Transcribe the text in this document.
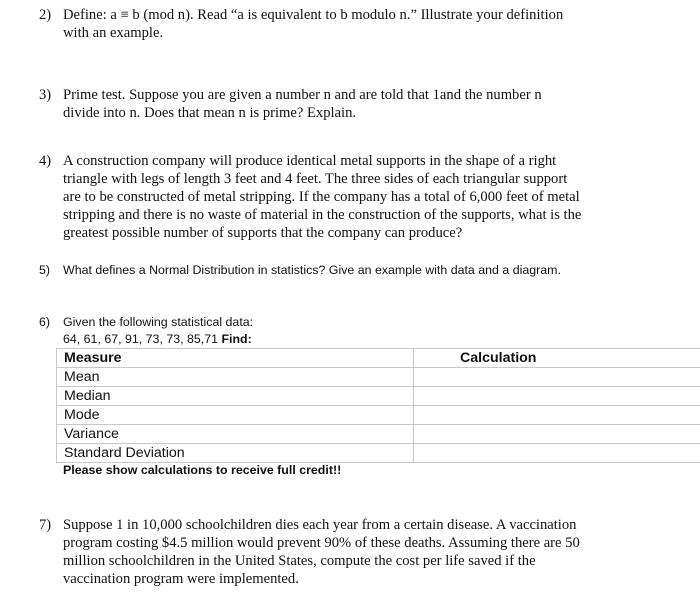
2) Define: a ≡ b (mod n). Read “a is equivalent to b modulo n.” Illustrate your definition
with an example.
3) Prime test. Suppose you are given a number n and are told that 1and the number n
divide into n. Does that mean n is prime? Explain.
4) A construction company will produce identical metal supports in the shape of a right
triangle with legs of length 3 feet and 4 feet. The three sides of each triangular support
are to be constructed of metal stripping. If the company has a total of 6,000 feet of metal
stripping and there is no waste of material in the construction of the supports, what is the
greatest possible number of supports that the company can produce?
5) What defines a Normal Distribution in statistics? Give an example with data and a diagram.
6) Given the following statistical data:
64, 61, 67, 91, 73, 73, 85,71 Find:
Measure	Calculation
Mean	
Median	
Mode	
Variance	
Standard Deviation	
Please show calculations to receive full credit!!
7) Suppose 1 in 10,000 schoolchildren dies each year from a certain disease. A vaccination
program costing $4.5 million would prevent 90% of these deaths. Assuming there are 50
million schoolchildren in the United States, compute the cost per life saved if the
vaccination program were implemented.
